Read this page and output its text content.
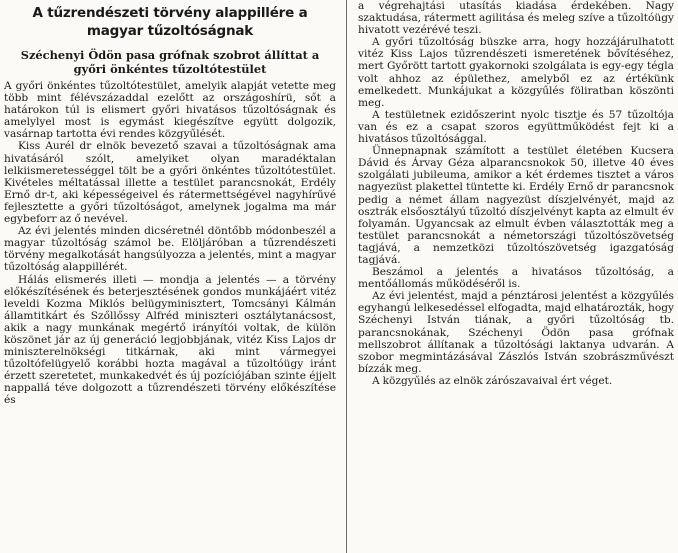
A tűzrendészeti törvény alappillére a magyar tűzoltóságnak
Széchenyi Ödön pasa grófnak szobrot állíttat a győri önkéntes tűzoltótestület

A győri önkéntes tűzoltótestület, amelyik alapját vetette meg több mint félévszázaddal ezelőtt az országoshírü, sőt a határokon túl is elismert győri hivatásos tűzoltóságnak és amelylyel most is egymást kiegészítve együtt dolgozik, vasárnap tartotta évi rendes közgyűlését.

Kiss Aurél dr elnök bevezető szavai a tűzoltóságnak ama hivatásáról szólt, amelyiket olyan maradéktalan lelkiismeretességgel tölt be a győri önkéntes tűzoltótestület. Kivételes méltatással illette a testület parancsnokát, Erdély Ernő dr-t, aki képességeivel és rátermettségével nagyhírűvé fejlesztette a győri tűzoltóságot, amelynek jogalma ma már egybeforr az ő nevével.

Az évi jelentés minden dicséretnél döntőbb módonbeszél a magyar tűzoltóság számol be. Elöljáróban a tűzrendészeti törvény megalkotását hangsúlyozza a jelentés, mint a magyar tűzoltóság alappillérét.

Hálás elismerés illeti — mondja a jelentés — a törvény előkészítésének és beterjesztésének gondos munkájáért vitéz leveldi Kozma Miklós belügyminisztert, Tomcsányi Kálmán államtitkárt és Szőllőssy Alfréd miniszteri osztálytanácsost, akik a nagy munkának megértő irányítói voltak, de külön köszönet jár az új generáció legjobbjának, vitéz Kiss Lajos dr miniszterelnökségi titkárnak, aki mint vármegyei tűzoltófelügyelő korábbi hozta magával a tűzoltóügy iránt érzett szeretetet, munkakedvét és új pozíciójában szinte éjjelt nappallá téve dolgozott a tűzrendészeti törvény előkészítése és

a végrehajtási utasítás kiadása érdekében. Nagy szaktudása, rátermett agilitása és meleg szíve a tűzoltóügy hivatott vezérévé teszi.

A győri tűzoltóság büszke arra, hogy hozzájárulhatott vitéz Kiss Lajos tűzrendészeti ismeretének bővítéséhez, mert Győrött tartott gyakornoki szolgálata is egy-egy tégla volt ahhoz az épülethez, amelyből ez az értékünk emelkedett. Munkájukat a közgyűlés föliratban köszönti meg.

A testületnek ezidőszerint nyolc tisztje és 57 tűzoltója van és ez a csapat szoros együttműködést fejt ki a hivatásos tűzoltósággal.

Ünnepnapnak számított a testület életében Kucsera Dávid és Árvay Géza alparancsnokok 50, illetve 40 éves szolgálati jubileuma, amikor a két érdemes tisztet a város nagyezüst plakettel tüntette ki. Erdély Ernő dr parancsnok pedig a német állam nagyezüst díszjelvényét, majd az osztrák elsőosztályú tűzoltó díszjelvényt kapta az elmult év folyamán. Ugyancsak az elmult évben választották meg a testület parancsnokát a németországi tűzoltószövetség tagjává, a nemzetközi tűzoltószövetség igazgatóság tagjává.

Beszámol a jelentés a hivatásos tűzoltóság, a mentőállomás működéséről is.

Az évi jelentést, majd a pénztárosi jelentést a közgyűlés egyhangú lelkesedéssel elfogadta, majd elhatározták, hogy Széchenyi István tiának, a győri tűzoltóság tb. parancsnokának, Széchenyi Ödön pasa grófnak mellszobrot állítanak a tűzoltósági laktanya udvarán. A szobor megmintázásával Zászlós István szobrászművészt bízzák meg.

A közgyűlés az elnök zárószavaival ért véget.
